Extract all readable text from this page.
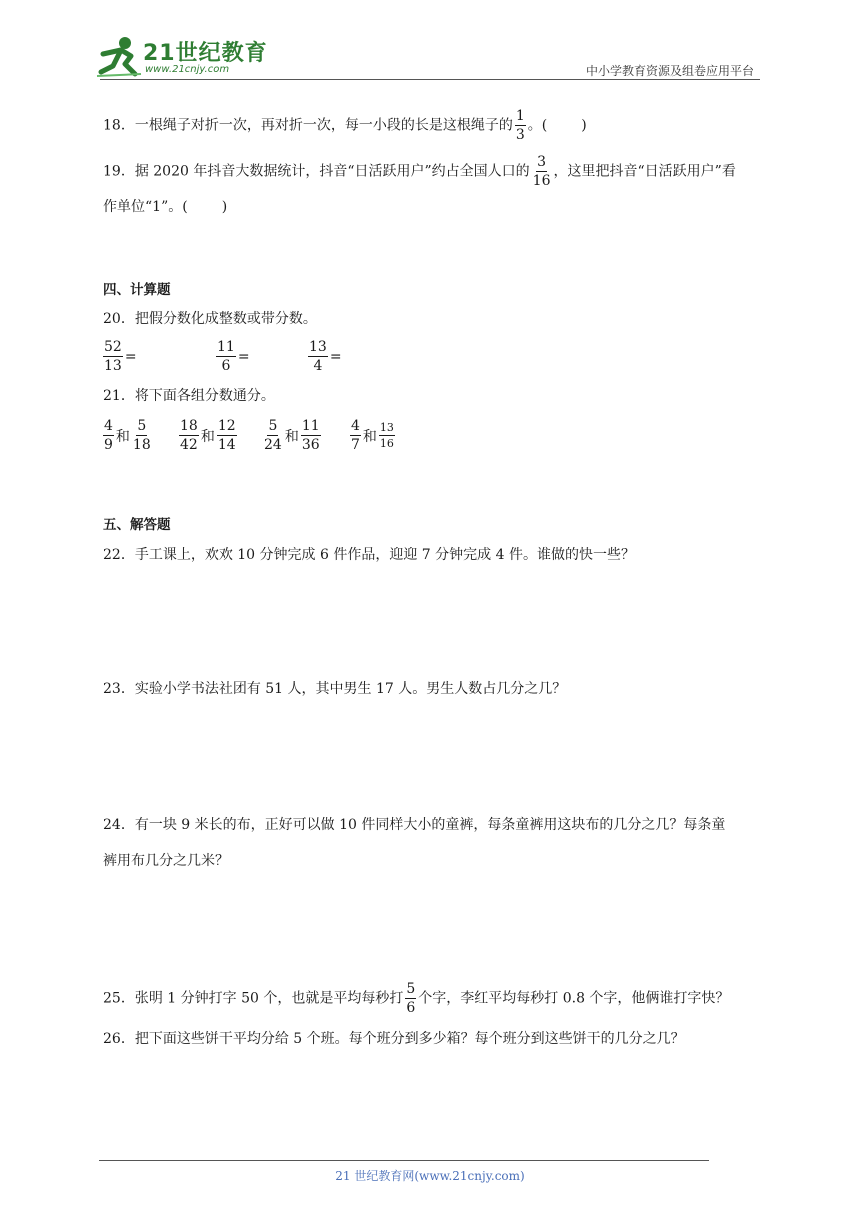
21世纪教育
www.21cnjy.com	中小学教育资源及组卷应用平台
18．一根绳子对折一次，再对折一次，每一小段的长是这根绳子的 $\frac{1}{3}$ 。( )
19．据 2020 年抖音大数据统计，抖音“日活跃用户”约占全国人口的 $\frac{3}{16}$ ，这里把抖音“日活跃用户”看
作单位“1”。( )
四、计算题
20．把假分数化成整数或带分数。
$\frac{52}{13}$ =	$\frac{11}{6}$ =	$\frac{13}{4}$ =
21．将下面各组分数通分。
$\frac{4}{9}$ 和 $\frac{5}{18} \frac{18}{42}$ 和 $\frac{12}{14} \frac{5}{24}$ 和 $\frac{11}{36} \frac{4}{7}$ 和 $\frac{13}{16}$
五、解答题
22．手工课上，欢欢 10 分钟完成 6 件作品，迎迎 7 分钟完成 4 件。谁做的快一些？
23．实验小学书法社团有 51 人，其中男生 17 人。男生人数占几分之几？
24．有一块 9 米长的布，正好可以做 10 件同样大小的童裤，每条童裤用这块布的几分之几？每条童
裤用布几分之几米？
25．张明 1 分钟打字 50 个，也就是平均每秒打 $\frac{5}{6}$ 个字，李红平均每秒打 0.8 个字，他俩谁打字快？
26．把下面这些饼干平均分给 5 个班。每个班分到多少箱？每个班分到这些饼干的几分之几？
21 世纪教育网(www.21cnjy.com)
